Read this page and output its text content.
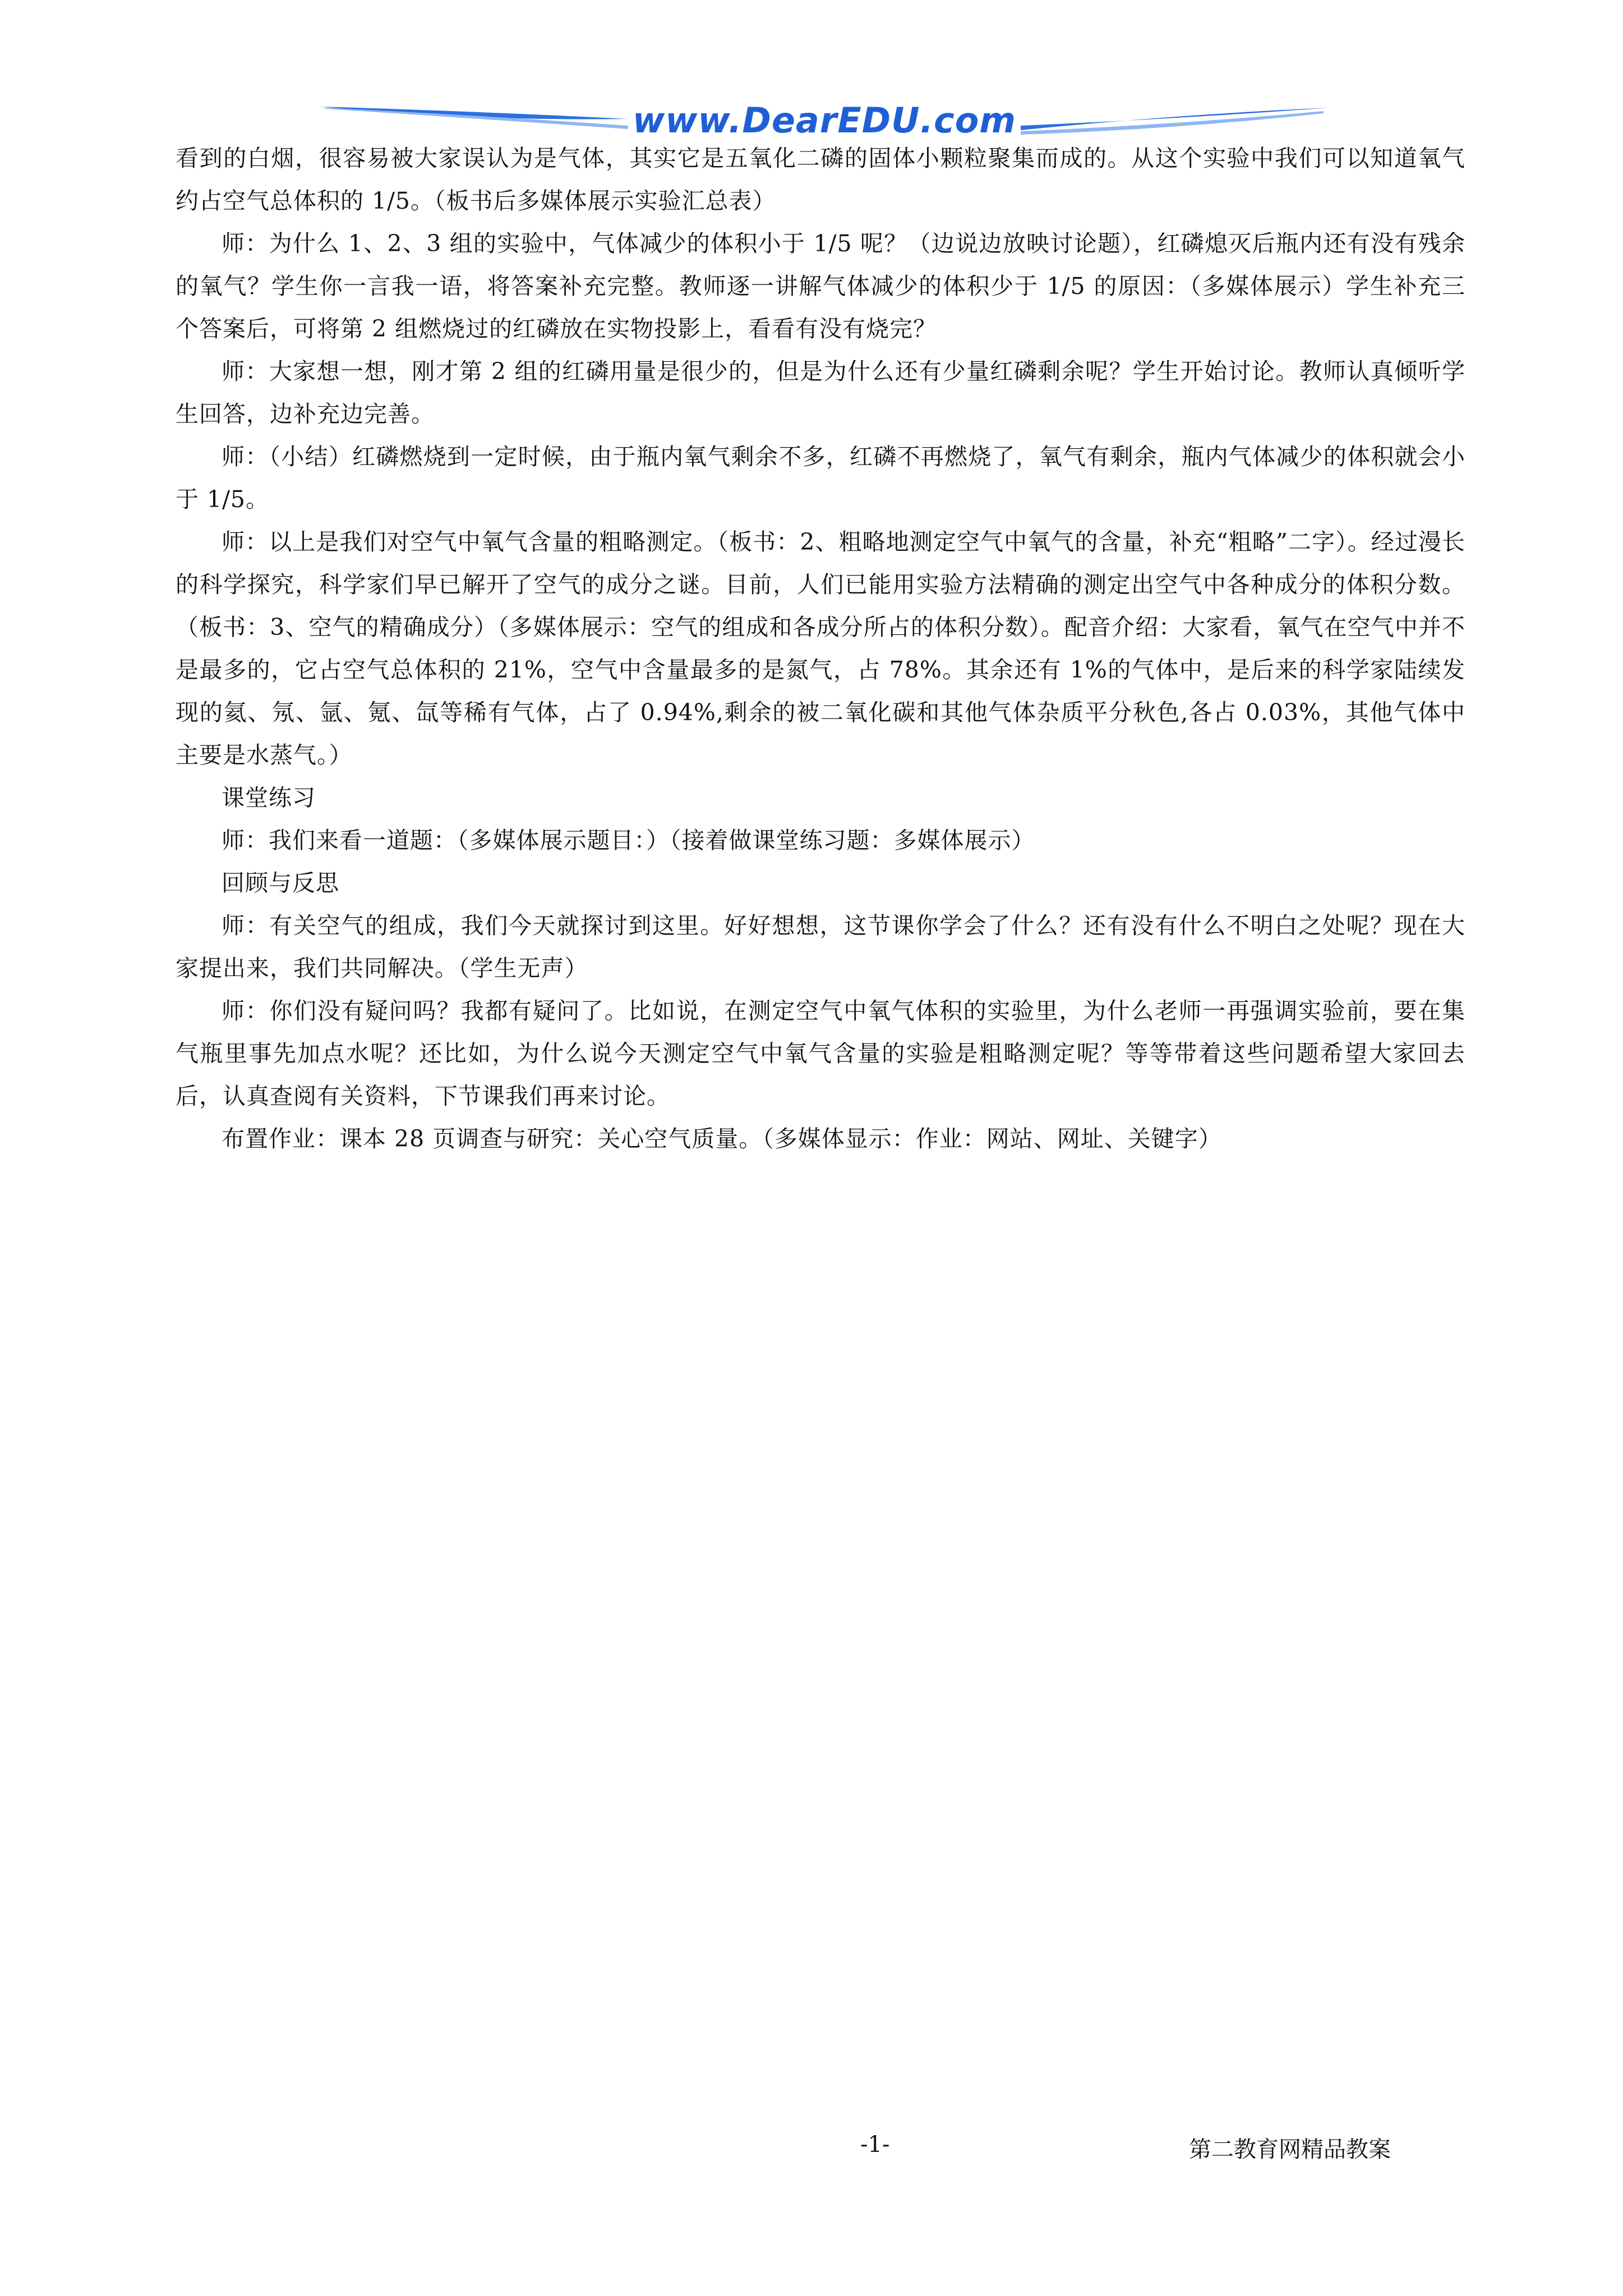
www.DearEDU.com

看到的白烟，很容易被大家误认为是气体，其实它是五氧化二磷的固体小颗粒聚集而成的。从这个实验中我们可以知道氧气约占空气总体积的 1/5。（板书后多媒体展示实验汇总表）

师：为什么 1、2、3 组的实验中，气体减少的体积小于 1/5 呢？（边说边放映讨论题），红磷熄灭后瓶内还有没有残余的氧气？学生你一言我一语，将答案补充完整。教师逐一讲解气体减少的体积少于 1/5 的原因：（多媒体展示）学生补充三个答案后，可将第 2 组燃烧过的红磷放在实物投影上，看看有没有烧完？

师：大家想一想，刚才第 2 组的红磷用量是很少的，但是为什么还有少量红磷剩余呢？学生开始讨论。教师认真倾听学生回答，边补充边完善。

师：（小结）红磷燃烧到一定时候，由于瓶内氧气剩余不多，红磷不再燃烧了，氧气有剩余，瓶内气体减少的体积就会小于 1/5。

师：以上是我们对空气中氧气含量的粗略测定。（板书：2、粗略地测定空气中氧气的含量，补充“粗略”二字）。经过漫长的科学探究，科学家们早已解开了空气的成分之谜。目前，人们已能用实验方法精确的测定出空气中各种成分的体积分数。（板书：3、空气的精确成分）（多媒体展示：空气的组成和各成分所占的体积分数）。配音介绍：大家看，氧气在空气中并不是最多的，它占空气总体积的 21%，空气中含量最多的是氮气，占 78%。其余还有 1%的气体中，是后来的科学家陆续发现的氦、氖、氩、氪、氙等稀有气体，占了 0.94%,剩余的被二氧化碳和其他气体杂质平分秋色,各占 0.03%，其他气体中主要是水蒸气。）

课堂练习

师：我们来看一道题：（多媒体展示题目：）（接着做课堂练习题：多媒体展示）

回顾与反思

师：有关空气的组成，我们今天就探讨到这里。好好想想，这节课你学会了什么？还有没有什么不明白之处呢？现在大家提出来，我们共同解决。（学生无声）

师：你们没有疑问吗？我都有疑问了。比如说，在测定空气中氧气体积的实验里，为什么老师一再强调实验前，要在集气瓶里事先加点水呢？还比如，为什么说今天测定空气中氧气含量的实验是粗略测定呢？等等带着这些问题希望大家回去后，认真查阅有关资料，下节课我们再来讨论。

布置作业：课本 28 页调查与研究：关心空气质量。（多媒体显示：作业：网站、网址、关键字）

-1-	第二教育网精品教案
